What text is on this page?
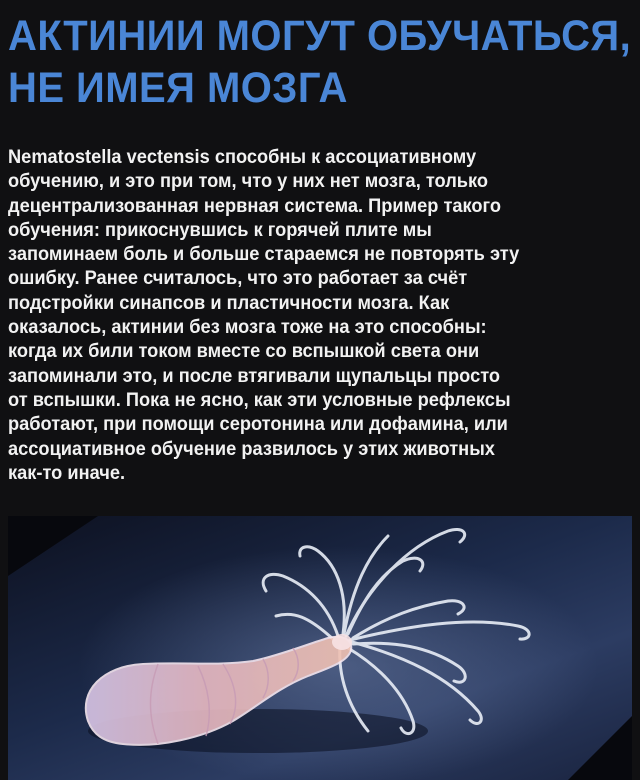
АКТИНИИ МОГУТ ОБУЧАТЬСЯ,
НЕ ИМЕЯ МОЗГА
Nematostella vectensis способны к ассоциативному
обучению, и это при том, что у них нет мозга, только
децентрализованная нервная система. Пример такого
обучения: прикоснувшись к горячей плите мы
запоминаем боль и больше стараемся не повторять эту
ошибку. Ранее считалось, что это работает за счёт
подстройки синапсов и пластичности мозга. Как
оказалось, актинии без мозга тоже на это способны:
когда их били током вместе со вспышкой света они
запоминали это, и после втягивали щупальцы просто
от вспышки. Пока не ясно, как эти условные рефлексы
работают, при помощи серотонина или дофамина, или
ассоциативное обучение развилось у этих животных
как-то иначе.
